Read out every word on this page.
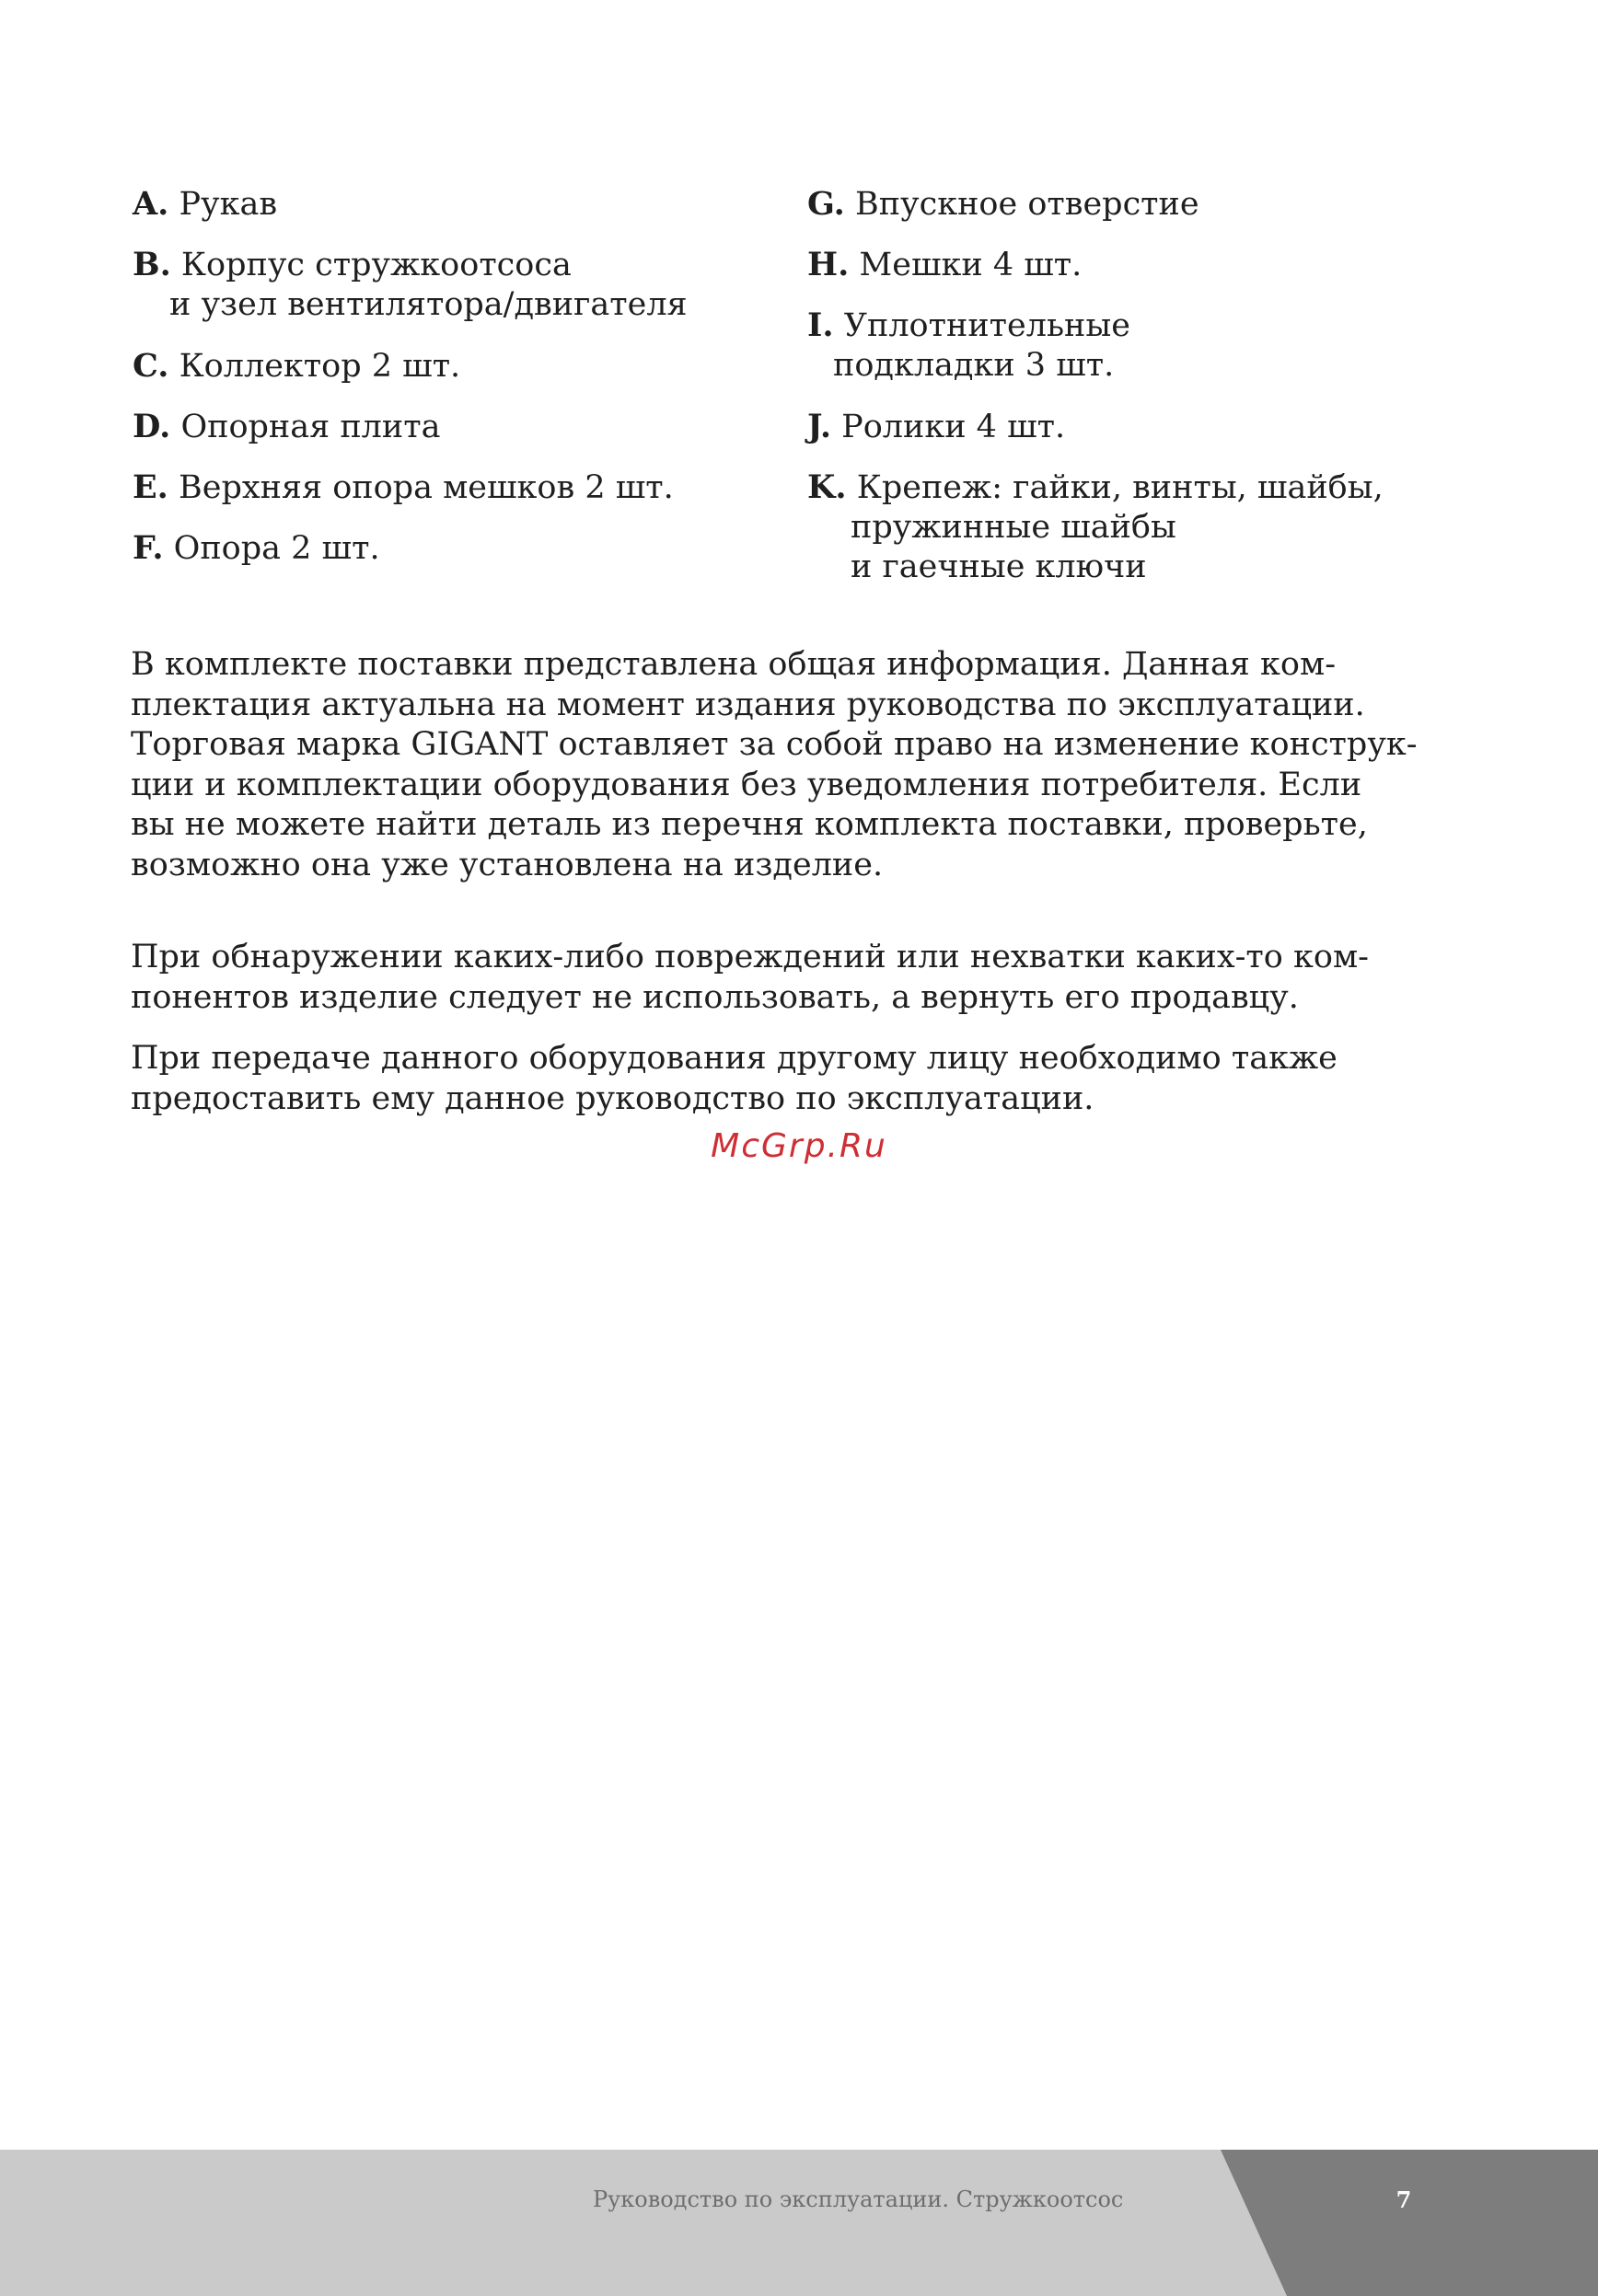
A. Рукав
B. Корпус стружкоотсоса
и узел вентилятора/двигателя
C. Коллектор 2 шт.
D. Опорная плита
E. Верхняя опора мешков 2 шт.
F. Опора 2 шт.
G. Впускное отверстие
H. Мешки 4 шт.
I. Уплотнительные
подкладки 3 шт.
J. Ролики 4 шт.
K. Крепеж: гайки, винты, шайбы,
пружинные шайбы
и гаечные ключи
В комплекте поставки представлена общая информация. Данная ком-
плектация актуальна на момент издания руководства по эксплуатации.
Торговая марка GIGANT оставляет за собой право на изменение конструк-
ции и комплектации оборудования без уведомления потребителя. Если
вы не можете найти деталь из перечня комплекта поставки, проверьте,
возможно она уже установлена на изделие.
При обнаружении каких-либо повреждений или нехватки каких-то ком-
понентов изделие следует не использовать, а вернуть его продавцу.
При передаче данного оборудования другому лицу необходимо также
предоставить ему данное руководство по эксплуатации.
McGrp.Ru
Руководство по эксплуатации. Стружкоотсос	7
